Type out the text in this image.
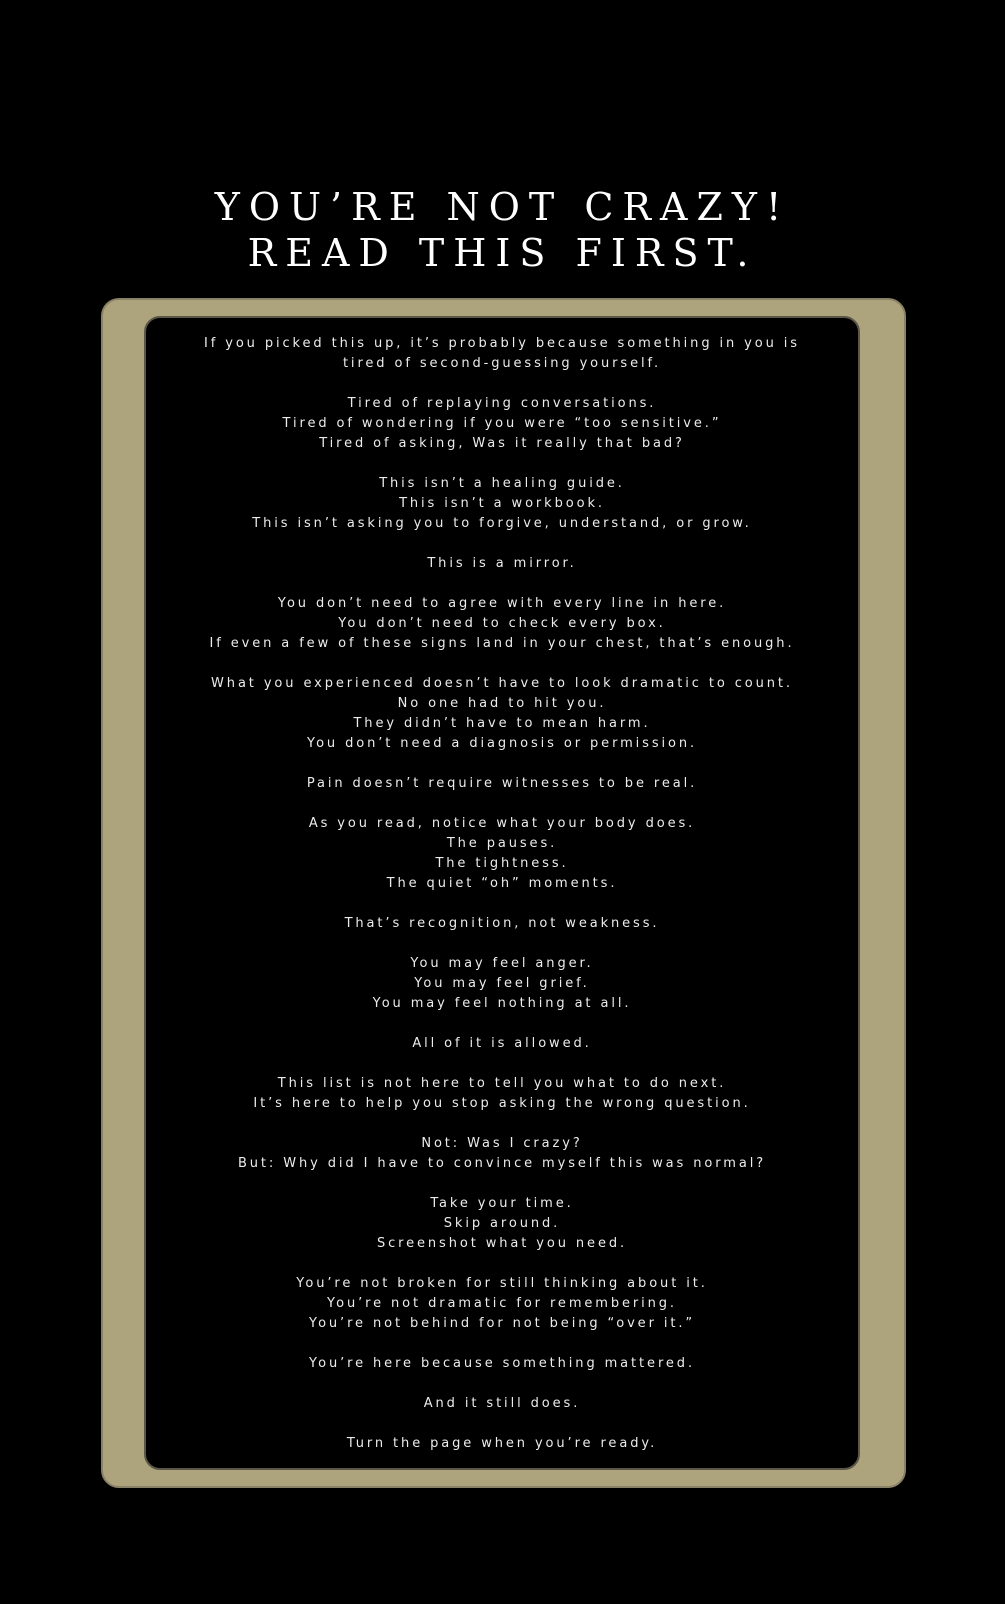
YOU’RE NOT CRAZY!
READ THIS FIRST.
If you picked this up, it’s probably because something in you is
tired of second-guessing yourself.
Tired of replaying conversations.
Tired of wondering if you were “too sensitive.”
Tired of asking, Was it really that bad?
This isn’t a healing guide.
This isn’t a workbook.
This isn’t asking you to forgive, understand, or grow.
This is a mirror.
You don’t need to agree with every line in here.
You don’t need to check every box.
If even a few of these signs land in your chest, that’s enough.
What you experienced doesn’t have to look dramatic to count.
No one had to hit you.
They didn’t have to mean harm.
You don’t need a diagnosis or permission.
Pain doesn’t require witnesses to be real.
As you read, notice what your body does.
The pauses.
The tightness.
The quiet “oh” moments.
That’s recognition, not weakness.
You may feel anger.
You may feel grief.
You may feel nothing at all.
All of it is allowed.
This list is not here to tell you what to do next.
It’s here to help you stop asking the wrong question.
Not: Was I crazy?
But: Why did I have to convince myself this was normal?
Take your time.
Skip around.
Screenshot what you need.
You’re not broken for still thinking about it.
You’re not dramatic for remembering.
You’re not behind for not being “over it.”
You’re here because something mattered.
And it still does.
Turn the page when you’re ready.
